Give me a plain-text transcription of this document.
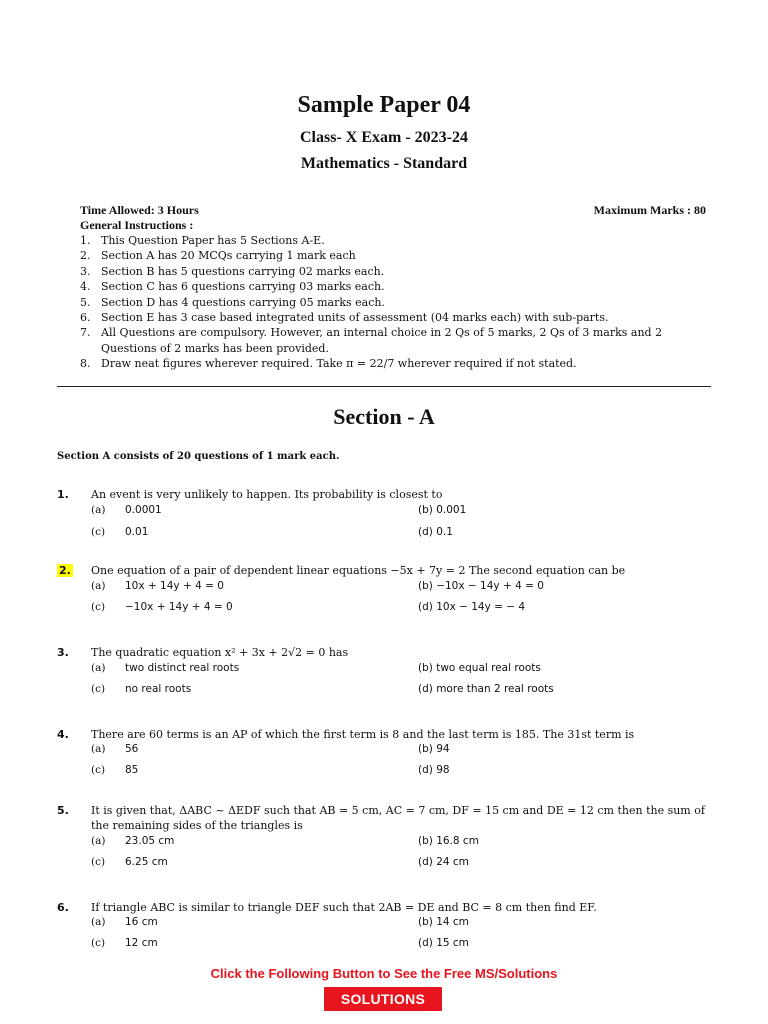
Sample Paper 04
Class- X Exam - 2023-24
Mathematics - Standard
Time Allowed: 3 Hours	Maximum Marks : 80
General Instructions :
1. This Question Paper has 5 Sections A-E.
2. Section A has 20 MCQs carrying 1 mark each
3. Section B has 5 questions carrying 02 marks each.
4. Section C has 6 questions carrying 03 marks each.
5. Section D has 4 questions carrying 05 marks each.
6. Section E has 3 case based integrated units of assessment (04 marks each) with sub-parts.
7. All Questions are compulsory. However, an internal choice in 2 Qs of 5 marks, 2 Qs of 3 marks and 2 Questions of 2 marks has been provided.
8. Draw neat figures wherever required. Take π = 22/7 wherever required if not stated.
Section - A
Section A consists of 20 questions of 1 mark each.
1. An event is very unlikely to happen. Its probability is closest to
(a)	0.0001	(b) 0.001
(c)	0.01	(d) 0.1
2. One equation of a pair of dependent linear equations −5x + 7y = 2 The second equation can be
(a)	10x + 14y + 4 = 0	(b) −10x − 14y + 4 = 0
(c)	−10x + 14y + 4 = 0	(d) 10x − 14y = − 4
3. The quadratic equation x² + 3x + 2√2 = 0 has
(a)	two distinct real roots	(b) two equal real roots
(c)	no real roots	(d) more than 2 real roots
4. There are 60 terms is an AP of which the first term is 8 and the last term is 185. The 31st term is
(a)	56	(b) 94
(c)	85	(d) 98
5. It is given that, ΔABC ~ ΔEDF such that AB = 5 cm, AC = 7 cm, DF = 15 cm and DE = 12 cm then the sum of the remaining sides of the triangles is
(a)	23.05 cm	(b) 16.8 cm
(c)	6.25 cm	(d) 24 cm
6. If triangle ABC is similar to triangle DEF such that 2AB = DE and BC = 8 cm then find EF.
(a)	16 cm	(b) 14 cm
(c)	12 cm	(d) 15 cm
Click the Following Button to See the Free MS/Solutions
SOLUTIONS
